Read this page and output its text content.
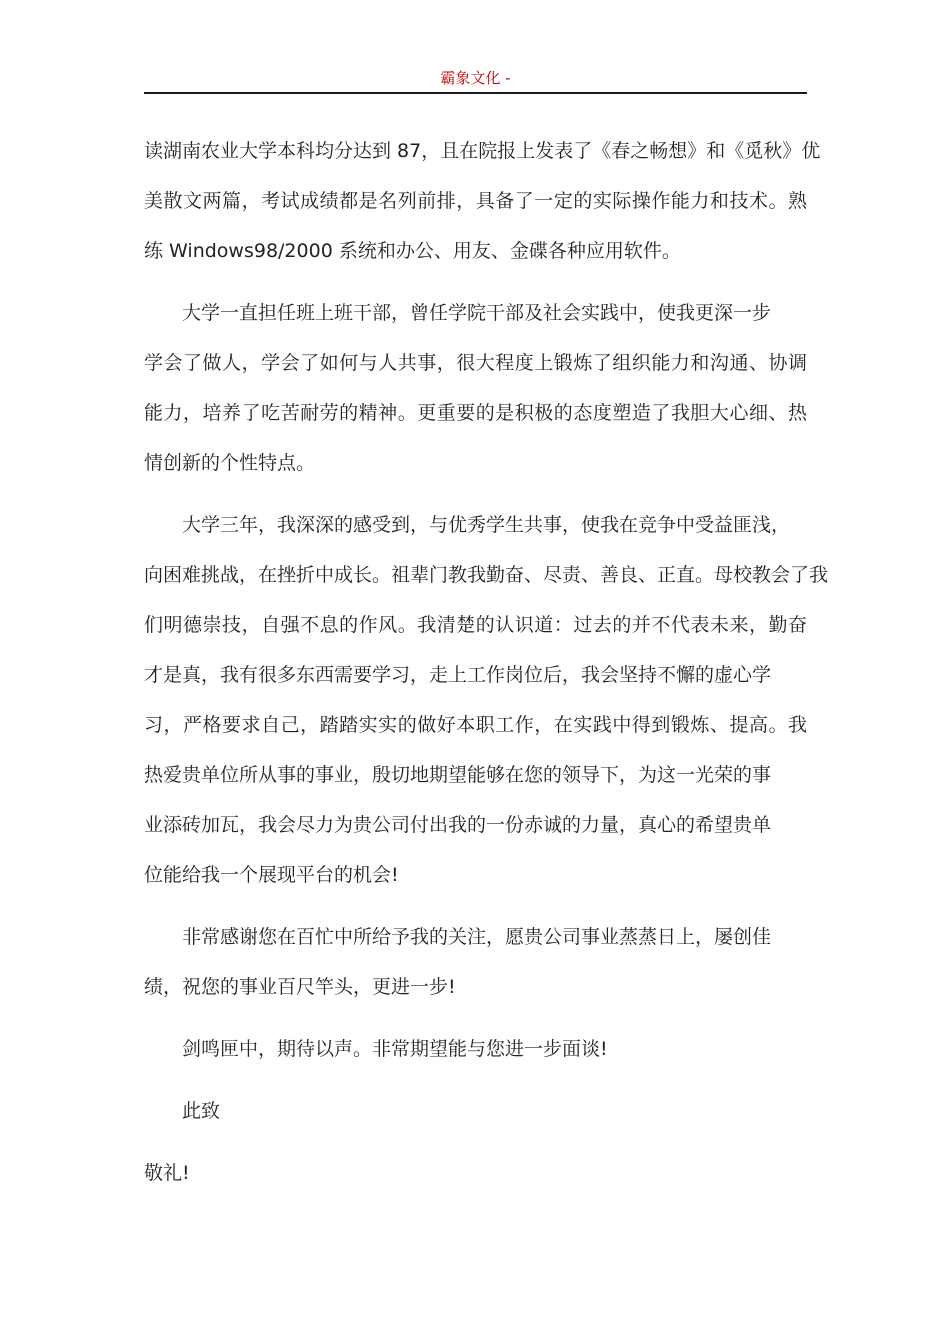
霸象文化 -

读湖南农业大学本科均分达到 87，且在院报上发表了《春之畅想》和《觅秋》优
美散文两篇，考试成绩都是名列前排，具备了一定的实际操作能力和技术。熟
练 Windows98/2000 系统和办公、用友、金碟各种应用软件。

大学一直担任班上班干部，曾任学院干部及社会实践中，使我更深一步
学会了做人，学会了如何与人共事，很大程度上锻炼了组织能力和沟通、协调
能力，培养了吃苦耐劳的精神。更重要的是积极的态度塑造了我胆大心细、热
情创新的个性特点。

大学三年，我深深的感受到，与优秀学生共事，使我在竞争中受益匪浅，
向困难挑战，在挫折中成长。祖辈门教我勤奋、尽责、善良、正直。母校教会了我
们明德崇技，自强不息的作风。我清楚的认识道：过去的并不代表未来，勤奋
才是真，我有很多东西需要学习，走上工作岗位后，我会坚持不懈的虚心学
习，严格要求自己，踏踏实实的做好本职工作，在实践中得到锻炼、提高。我
热爱贵单位所从事的事业，殷切地期望能够在您的领导下，为这一光荣的事
业添砖加瓦，我会尽力为贵公司付出我的一份赤诚的力量，真心的希望贵单
位能给我一个展现平台的机会!

非常感谢您在百忙中所给予我的关注，愿贵公司事业蒸蒸日上，屡创佳
绩，祝您的事业百尺竿头，更进一步!

剑鸣匣中，期待以声。非常期望能与您进一步面谈!

此致

敬礼!
